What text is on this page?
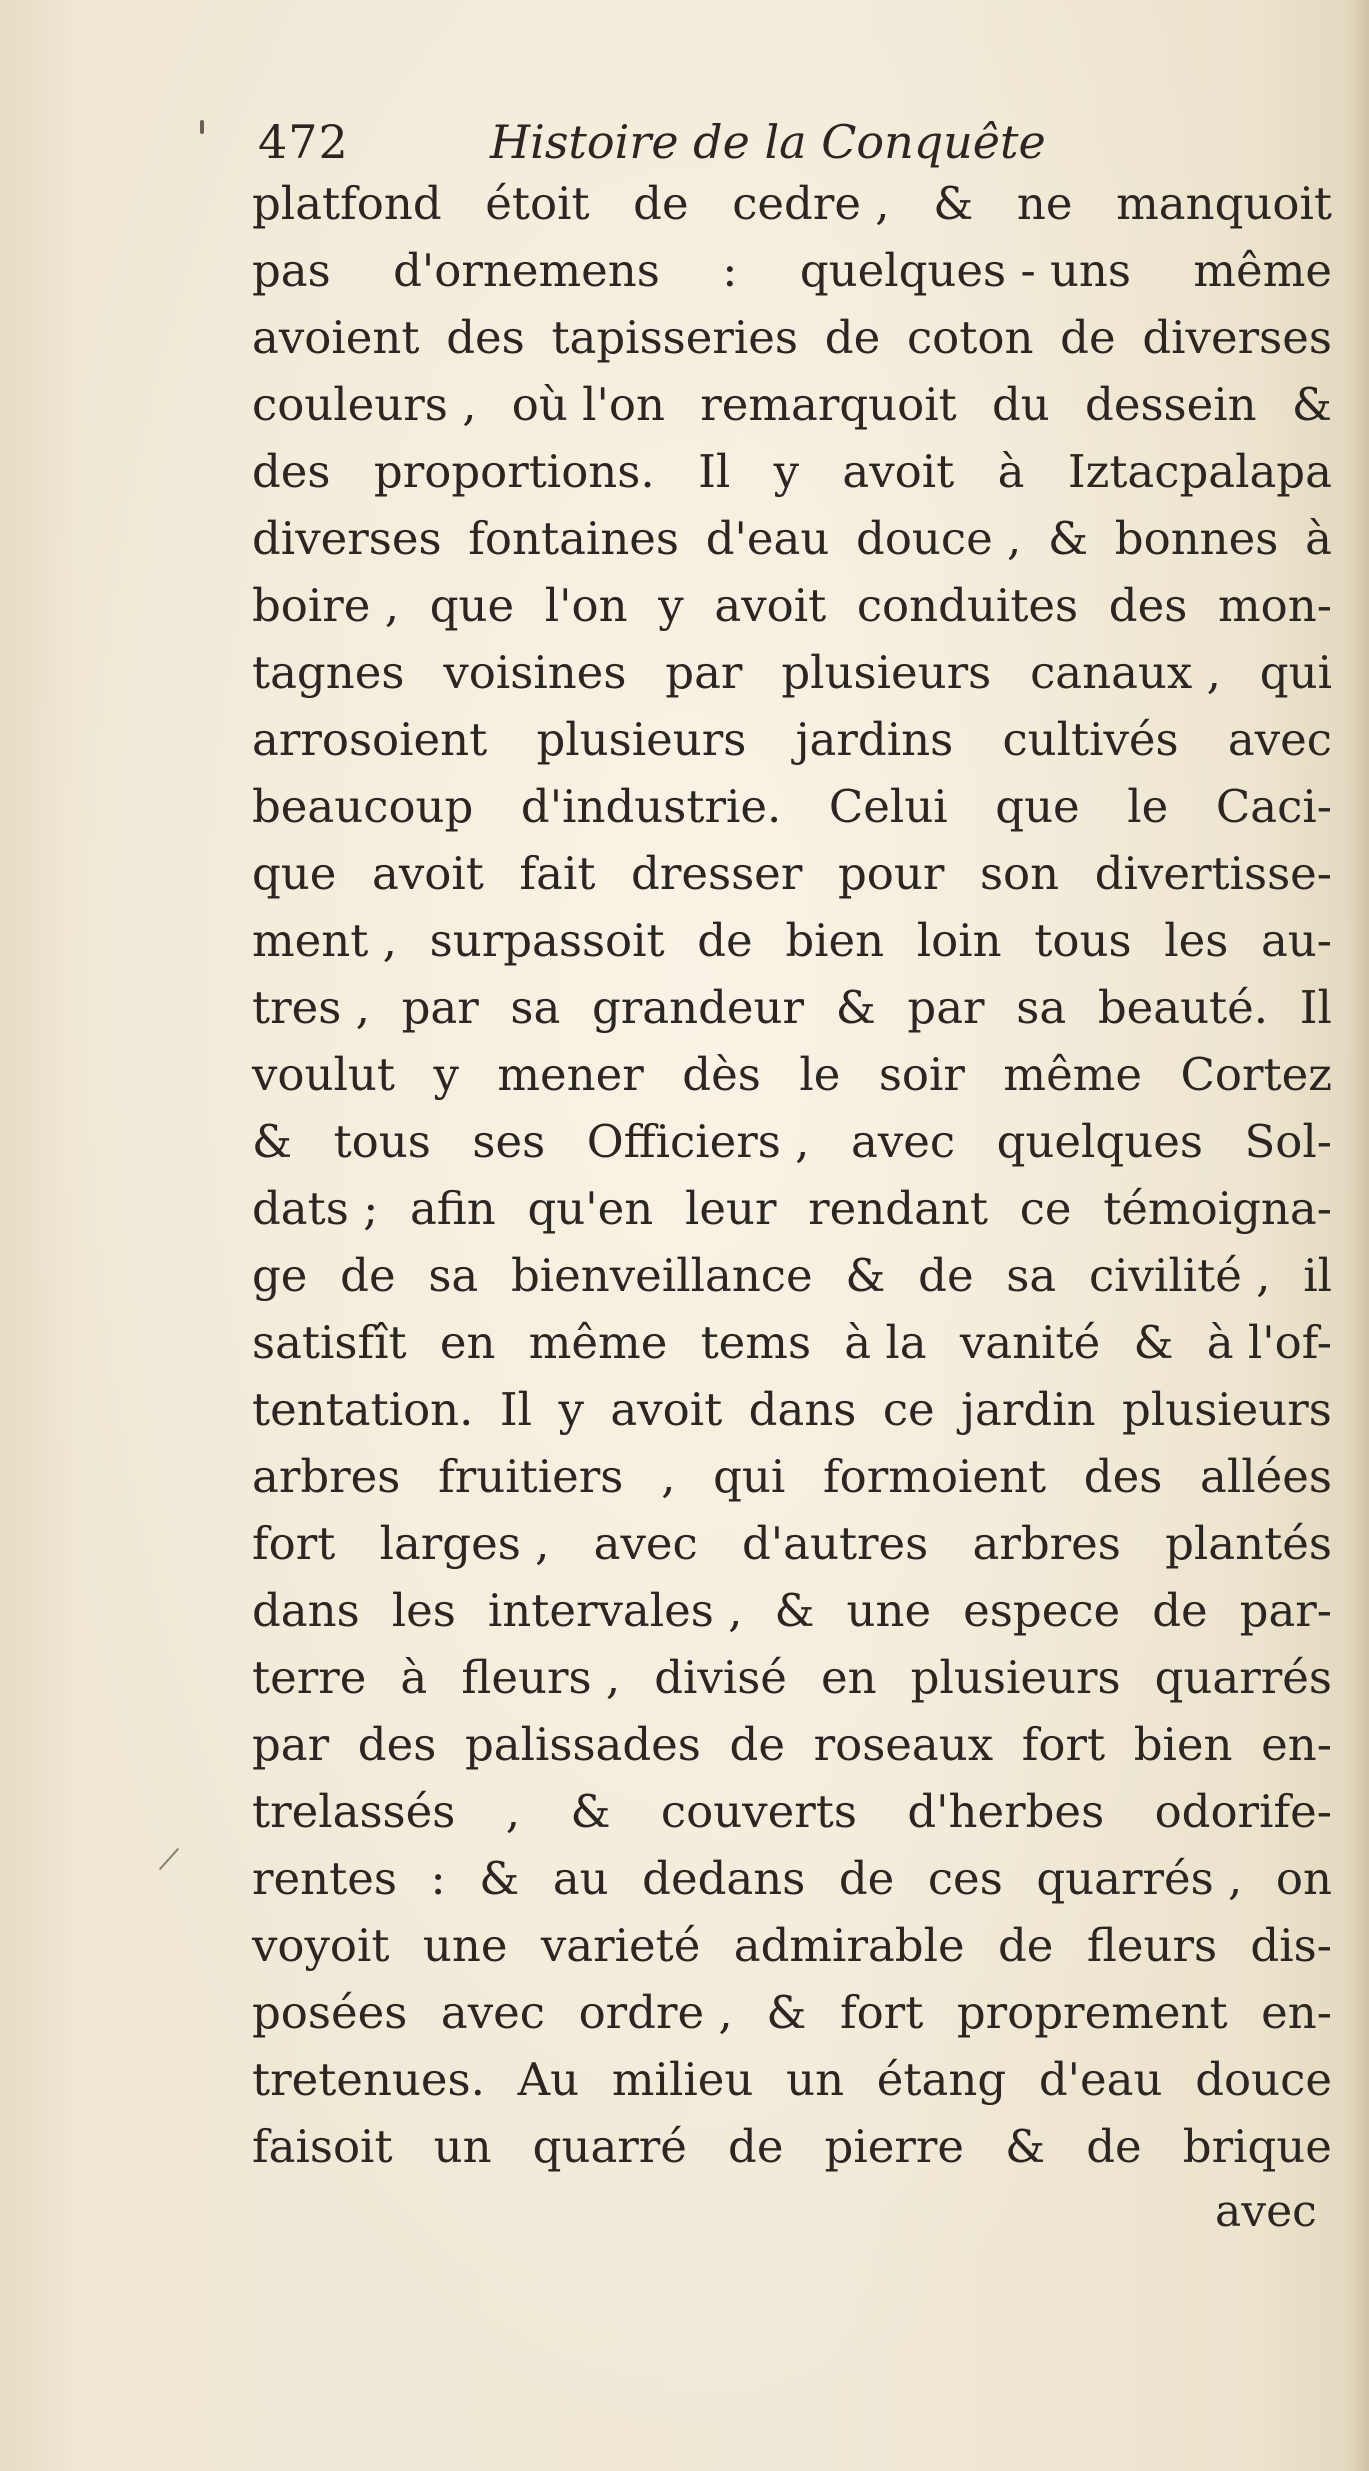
472	Histoire de la Conquête
platfond étoit de cedre , & ne manquoit
pas d'ornemens : quelques - uns même
avoient des tapisseries de coton de diverses
couleurs , où l'on remarquoit du dessein &
des proportions. Il y avoit à Iztacpalapa
diverses fontaines d'eau douce , & bonnes à
boire , que l'on y avoit conduites des mon-
tagnes voisines par plusieurs canaux , qui
arrosoient plusieurs jardins cultivés avec
beaucoup d'industrie. Celui que le Caci-
que avoit fait dresser pour son divertisse-
ment , surpassoit de bien loin tous les au-
tres , par sa grandeur & par sa beauté. Il
voulut y mener dès le soir même Cortez
& tous ses Officiers , avec quelques Sol-
dats ; afin qu'en leur rendant ce témoigna-
ge de sa bienveillance & de sa civilité , il
satisfît en même tems à la vanité & à l'of-
tentation. Il y avoit dans ce jardin plusieurs
arbres fruitiers , qui formoient des allées
fort larges , avec d'autres arbres plantés
dans les intervales , & une espece de par-
terre à fleurs , divisé en plusieurs quarrés
par des palissades de roseaux fort bien en-
trelassés , & couverts d'herbes odorife-
rentes : & au dedans de ces quarrés , on
voyoit une varieté admirable de fleurs dis-
posées avec ordre , & fort proprement en-
tretenues. Au milieu un étang d'eau douce
faisoit un quarré de pierre & de brique
avec
